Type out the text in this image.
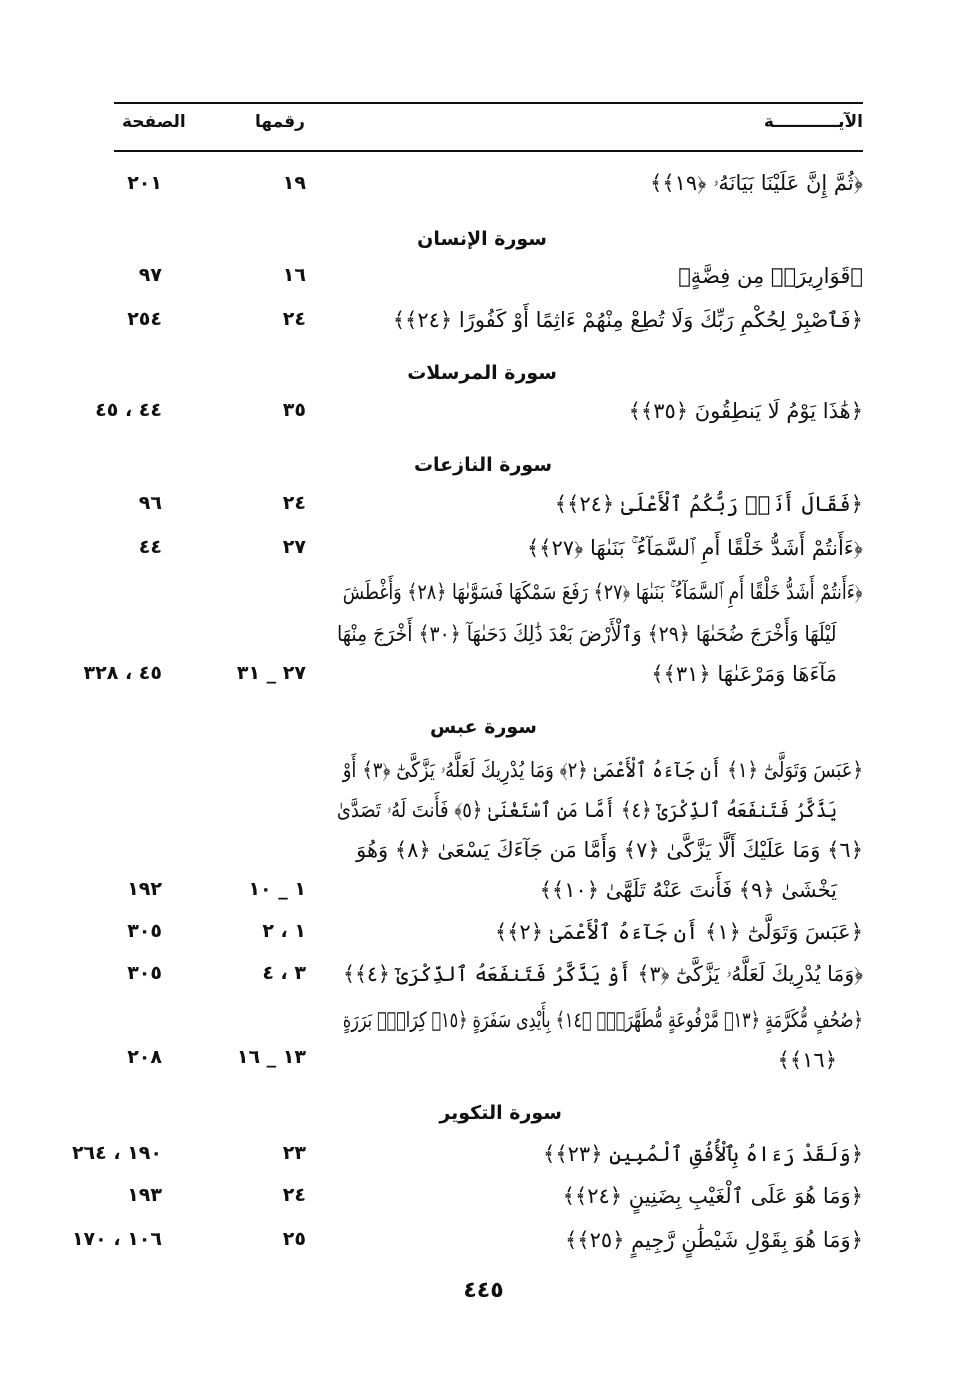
الآيـــــــــــة
رقمها
الصفحة
﴿ثُمَّ إِنَّ عَلَيْنَا بَيَانَهُۥ ﴿١٩﴾﴾
١٩
٢٠١
سورة الإنسان
﴿قَوَارِيرَا۟ مِن فِضَّةٍ﴾
١٦
٩٧
﴿فَٱصْبِرْ لِحُكْمِ رَبِّكَ وَلَا تُطِعْ مِنْهُمْ ءَاثِمًا أَوْ كَفُورًا ﴿٢٤﴾﴾
٢٤
٢٥٤
سورة المرسلات
﴿هَٰذَا يَوْمُ لَا يَنطِقُونَ ﴿٣٥﴾﴾
٣٥
٤٤ ، ٤٥
سورة النازعات
﴿فَقَالَ أَنَا۠ رَبُّكُمُ ٱلْأَعْلَىٰ ﴿٢٤﴾﴾
٢٤
٩٦
﴿ءَأَنتُمْ أَشَدُّ خَلْقًا أَمِ ٱلسَّمَآءُ ۚ بَنَىٰهَا ﴿٢٧﴾﴾
٢٧
٤٤
﴿ءَأَنتُمْ أَشَدُّ خَلْقًا أَمِ ٱلسَّمَآءُ ۚ بَنَىٰهَا ﴿٢٧﴾ رَفَعَ سَمْكَهَا فَسَوَّىٰهَا ﴿٢٨﴾ وَأَغْطَشَ
لَيْلَهَا وَأَخْرَجَ ضُحَىٰهَا ﴿٢٩﴾ وَٱلْأَرْضَ بَعْدَ ذَٰلِكَ دَحَىٰهَآ ﴿٣٠﴾ أَخْرَجَ مِنْهَا
مَآءَهَا وَمَرْعَىٰهَا ﴿٣١﴾﴾
٢٧ _ ٣١
٤٥ ، ٣٢٨
سورة عبس
﴿عَبَسَ وَتَوَلَّىٰٓ ﴿١﴾ أَن جَآءَهُ ٱلْأَعْمَىٰ ﴿٢﴾ وَمَا يُدْرِيكَ لَعَلَّهُۥ يَزَّكَّىٰٓ ﴿٣﴾ أَوْ
يَذَّكَّرُ فَتَنفَعَهُ ٱلذِّكْرَىٰٓ ﴿٤﴾ أَمَّا مَنِ ٱسْتَغْنَىٰ ﴿٥﴾ فَأَنتَ لَهُۥ تَصَدَّىٰ
﴿٦﴾ وَمَا عَلَيْكَ أَلَّا يَزَّكَّىٰ ﴿٧﴾ وَأَمَّا مَن جَآءَكَ يَسْعَىٰ ﴿٨﴾ وَهُوَ
يَخْشَىٰ ﴿٩﴾ فَأَنتَ عَنْهُ تَلَهَّىٰ ﴿١٠﴾﴾
١ _ ١٠
١٩٢
﴿عَبَسَ وَتَوَلَّىٰٓ ﴿١﴾ أَن جَآءَهُ ٱلْأَعْمَىٰ ﴿٢﴾﴾
١ ، ٢
٣٠٥
﴿وَمَا يُدْرِيكَ لَعَلَّهُۥ يَزَّكَّىٰٓ ﴿٣﴾ أَوْ يَذَّكَّرُ فَتَنفَعَهُ ٱلذِّكْرَىٰٓ ﴿٤﴾﴾
٣ ، ٤
٣٠٥
﴿صُحُفٍ مُّكَرَّمَةٍ ﴿١٣﴾ مَّرْفُوعَةٍ مُّطَهَّرَةٍۭ ﴿١٤﴾ بِأَيْدِى سَفَرَةٍ ﴿١٥﴾ كِرَامٍۭ بَرَرَةٍ
﴿١٦﴾﴾
١٣ _ ١٦
٢٠٨
سورة التكوير
﴿وَلَقَدْ رَءَاهُ بِٱلْأُفُقِ ٱلْمُبِينِ ﴿٢٣﴾﴾
٢٣
١٩٠ ، ٢٦٤
﴿وَمَا هُوَ عَلَى ٱلْغَيْبِ بِضَنِينٍ ﴿٢٤﴾﴾
٢٤
١٩٣
﴿وَمَا هُوَ بِقَوْلِ شَيْطَٰنٍ رَّجِيمٍ ﴿٢٥﴾﴾
٢٥
١٠٦ ، ١٧٠
٤٤٥
